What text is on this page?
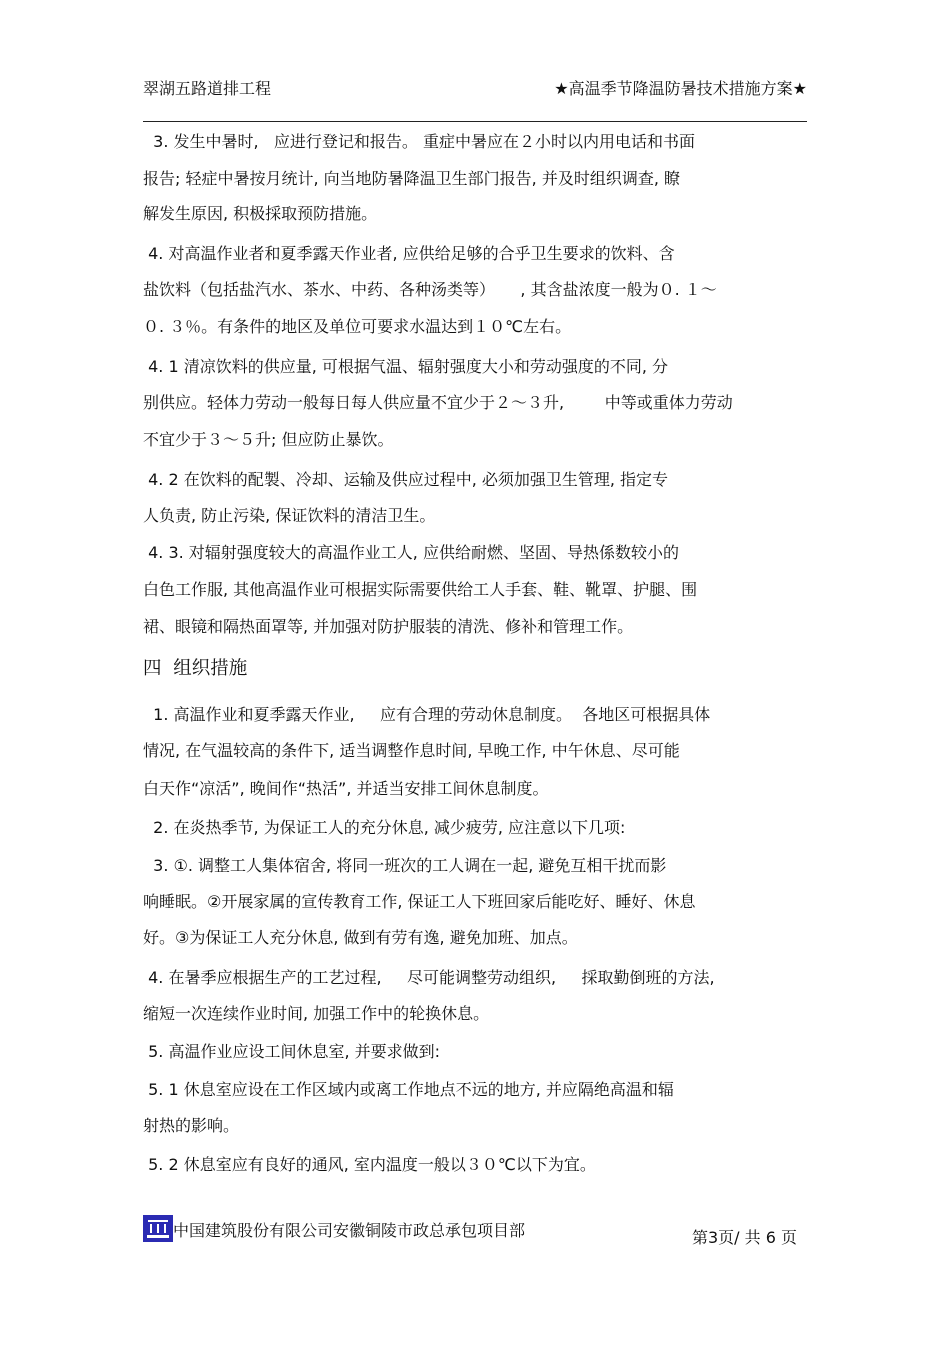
翠湖五路道排工程	★高温季节降温防暑技术措施方案★
3. 发生中暑时,   应进行登记和报告。 重症中暑应在２小时以内用电话和书面
报告; 轻症中暑按月统计, 向当地防暑降温卫生部门报告, 并及时组织调查, 瞭
解发生原因, 积极採取预防措施。
4. 对高温作业者和夏季露天作业者, 应供给足够的合乎卫生要求的饮料、含
盐饮料（包括盐汽水、茶水、中药、各种汤类等）     , 其含盐浓度一般为０. １～
０. ３％。有条件的地区及单位可要求水温达到１０℃左右。
4. 1 清凉饮料的供应量, 可根据气温、辐射强度大小和劳动强度的不同, 分
别供应。轻体力劳动一般每日每人供应量不宜少于２～３升,        中等或重体力劳动
不宜少于３～５升; 但应防止暴饮。
4. 2 在饮料的配製、冷却、运输及供应过程中, 必须加强卫生管理, 指定专
人负责, 防止污染, 保证饮料的清洁卫生。
4. 3. 对辐射强度较大的高温作业工人, 应供给耐燃、坚固、导热係数较小的
白色工作服, 其他高温作业可根据实际需要供给工人手套、鞋、靴罩、护腿、围
裙、眼镜和隔热面罩等, 并加强对防护服装的清洗、修补和管理工作。
四  组织措施
1. 高温作业和夏季露天作业,     应有合理的劳动休息制度。  各地区可根据具体
情况, 在气温较高的条件下, 适当调整作息时间, 早晚工作, 中午休息、尽可能
白天作“凉活”, 晚间作“热活”, 并适当安排工间休息制度。
2. 在炎热季节, 为保证工人的充分休息, 减少疲劳, 应注意以下几项:
3. ①. 调整工人集体宿舍, 将同一班次的工人调在一起, 避免互相干扰而影
响睡眠。②开展家属的宣传教育工作, 保证工人下班回家后能吃好、睡好、休息
好。③为保证工人充分休息, 做到有劳有逸, 避免加班、加点。
4. 在暑季应根据生产的工艺过程,     尽可能调整劳动组织,     採取勤倒班的方法,
缩短一次连续作业时间, 加强工作中的轮换休息。
5. 高温作业应设工间休息室, 并要求做到:
5. 1 休息室应设在工作区域内或离工作地点不远的地方, 并应隔绝高温和辐
射热的影响。
5. 2 休息室应有良好的通风, 室内温度一般以３０℃以下为宜。
中国建筑股份有限公司安徽铜陵市政总承包项目部	第3页/ 共 6 页
